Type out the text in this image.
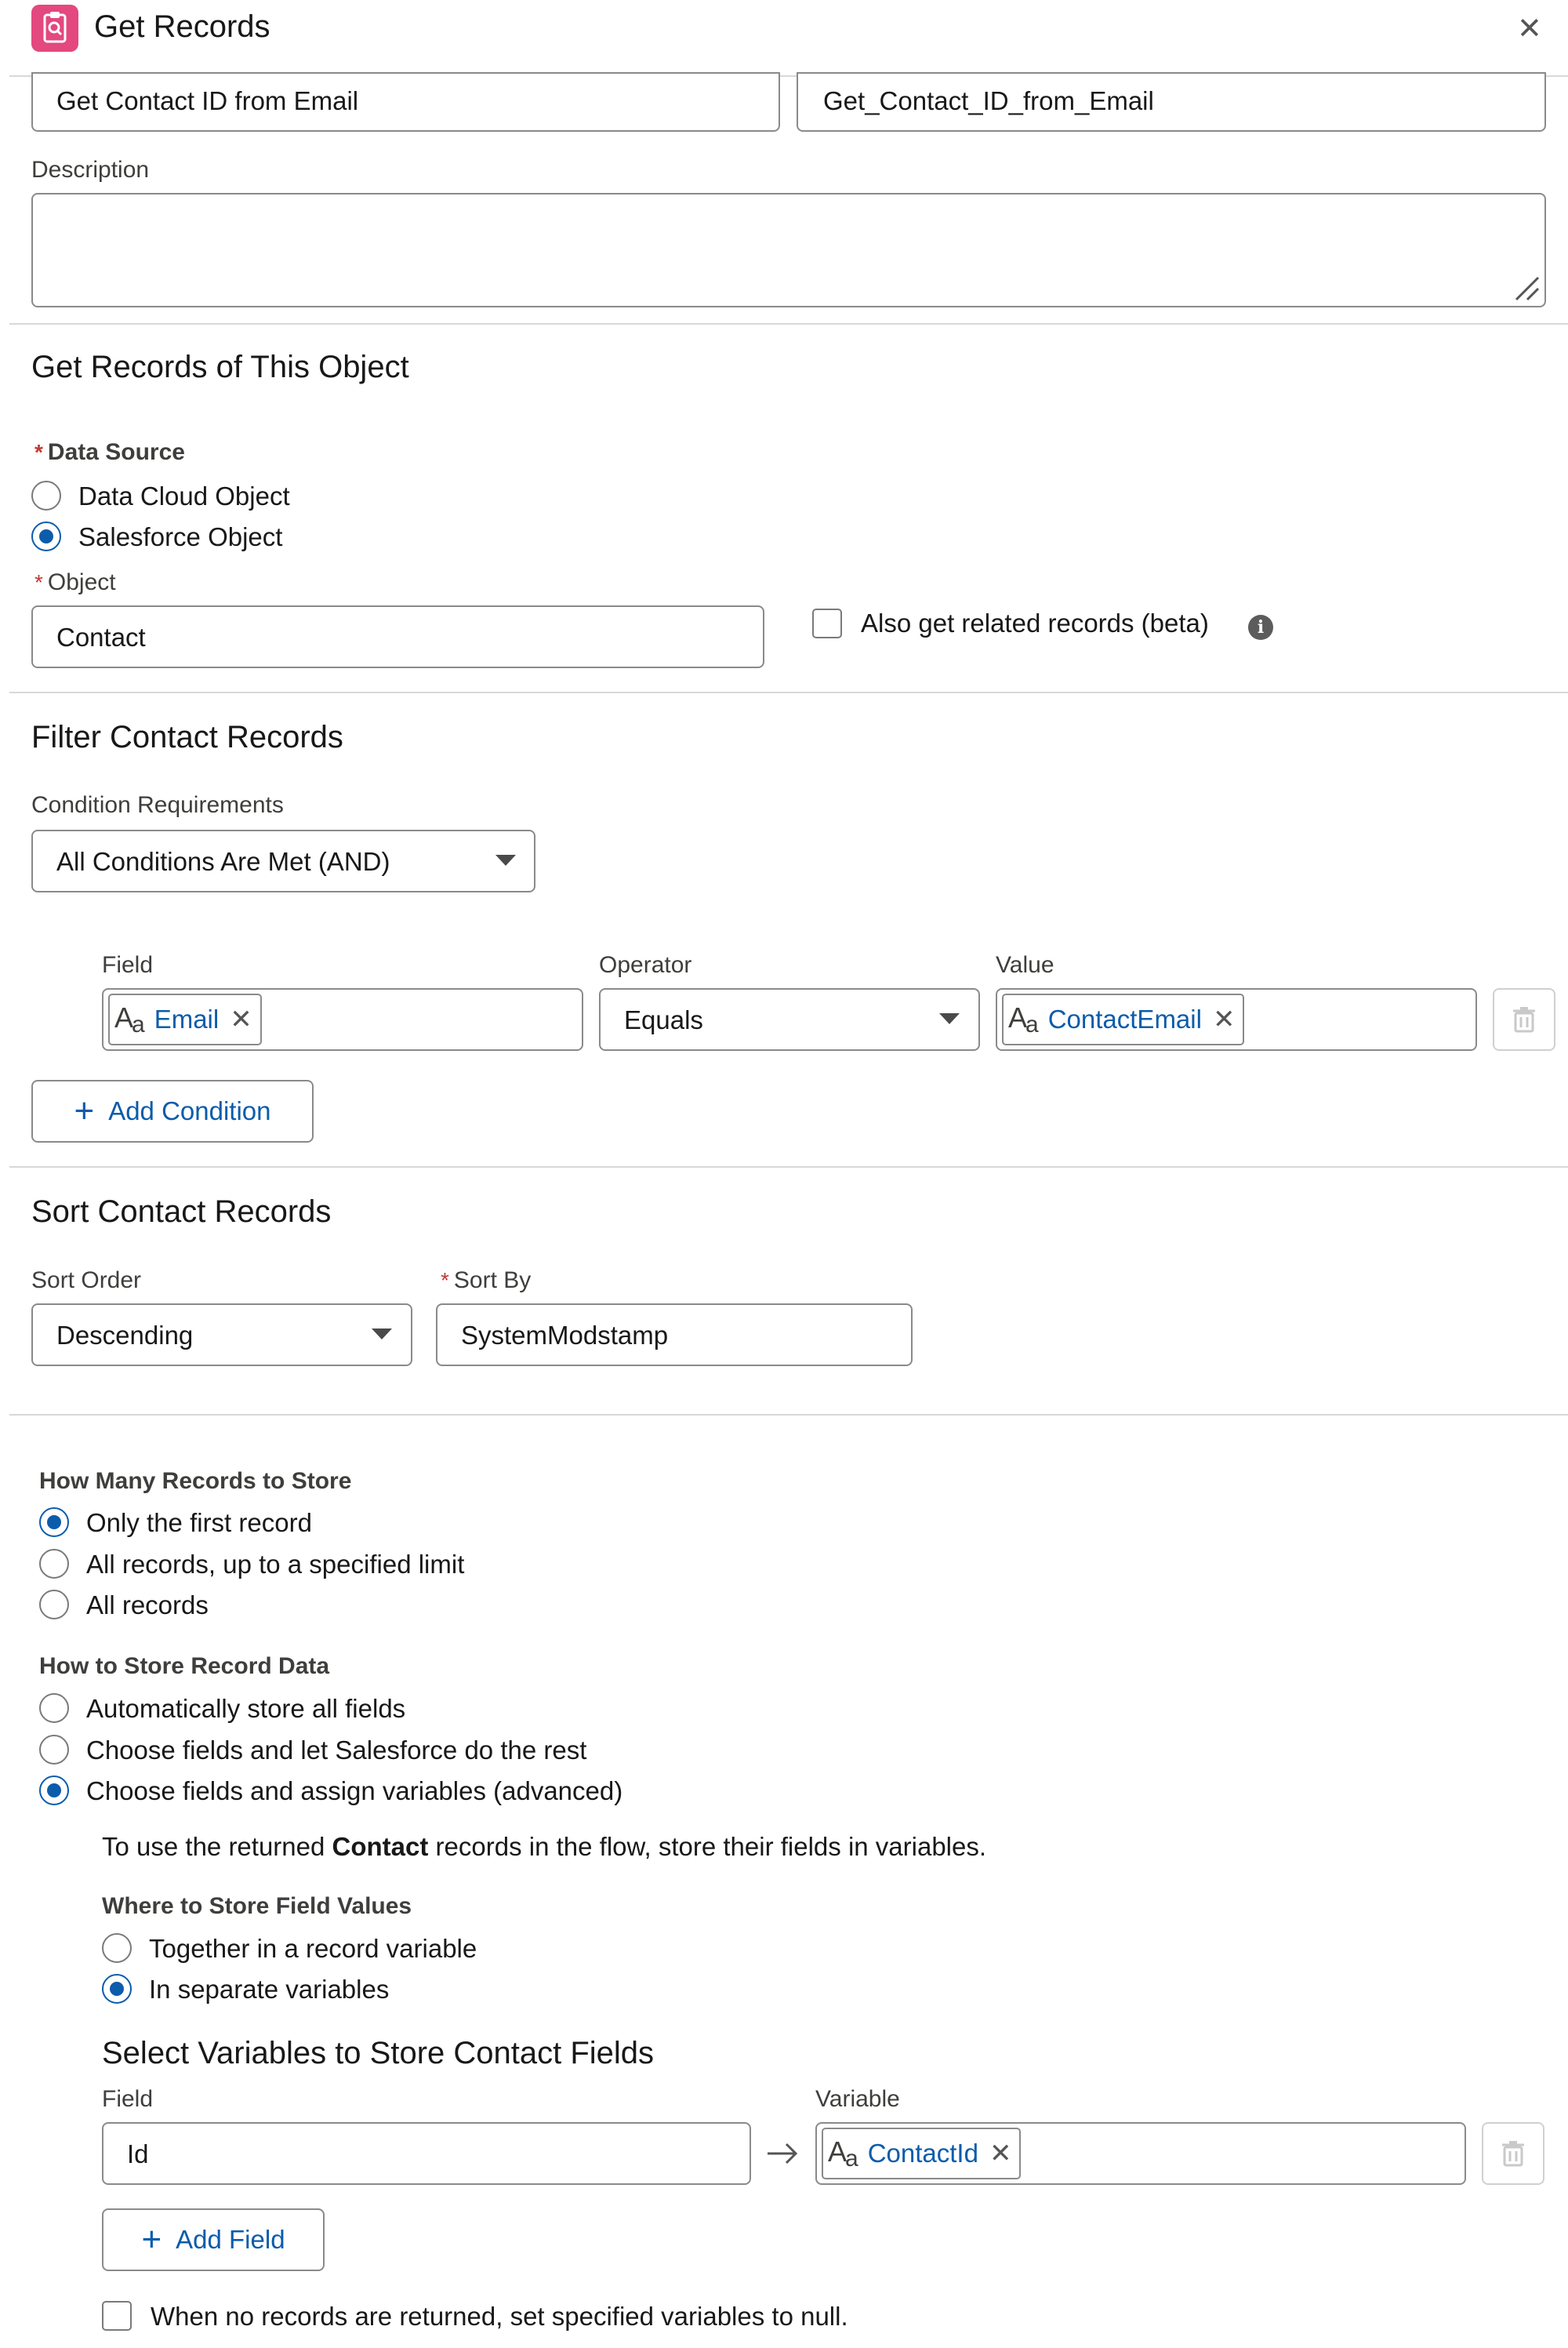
Get Records	✕
Get Contact ID from Email	Get_Contact_ID_from_Email
Description
Get Records of This Object
* Data Source
Data Cloud Object
Salesforce Object
* Object
Contact	Also get related records (beta)	i
Filter Contact Records
Condition Requirements
All Conditions Are Met (AND)
Field	Operator	Value
$A_a$ Email ✕	Equals	$A_a$ ContactEmail ✕
+ Add Condition
Sort Contact Records
Sort Order	* Sort By
Descending	SystemModstamp
How Many Records to Store
Only the first record
All records, up to a specified limit
All records
How to Store Record Data
Automatically store all fields
Choose fields and let Salesforce do the rest
Choose fields and assign variables (advanced)
To use the returned Contact records in the flow, store their fields in variables.
Where to Store Field Values
Together in a record variable
In separate variables
Select Variables to Store Contact Fields
Field	Variable
Id	$A_a$ ContactId ✕
+ Add Field
When no records are returned, set specified variables to null.
